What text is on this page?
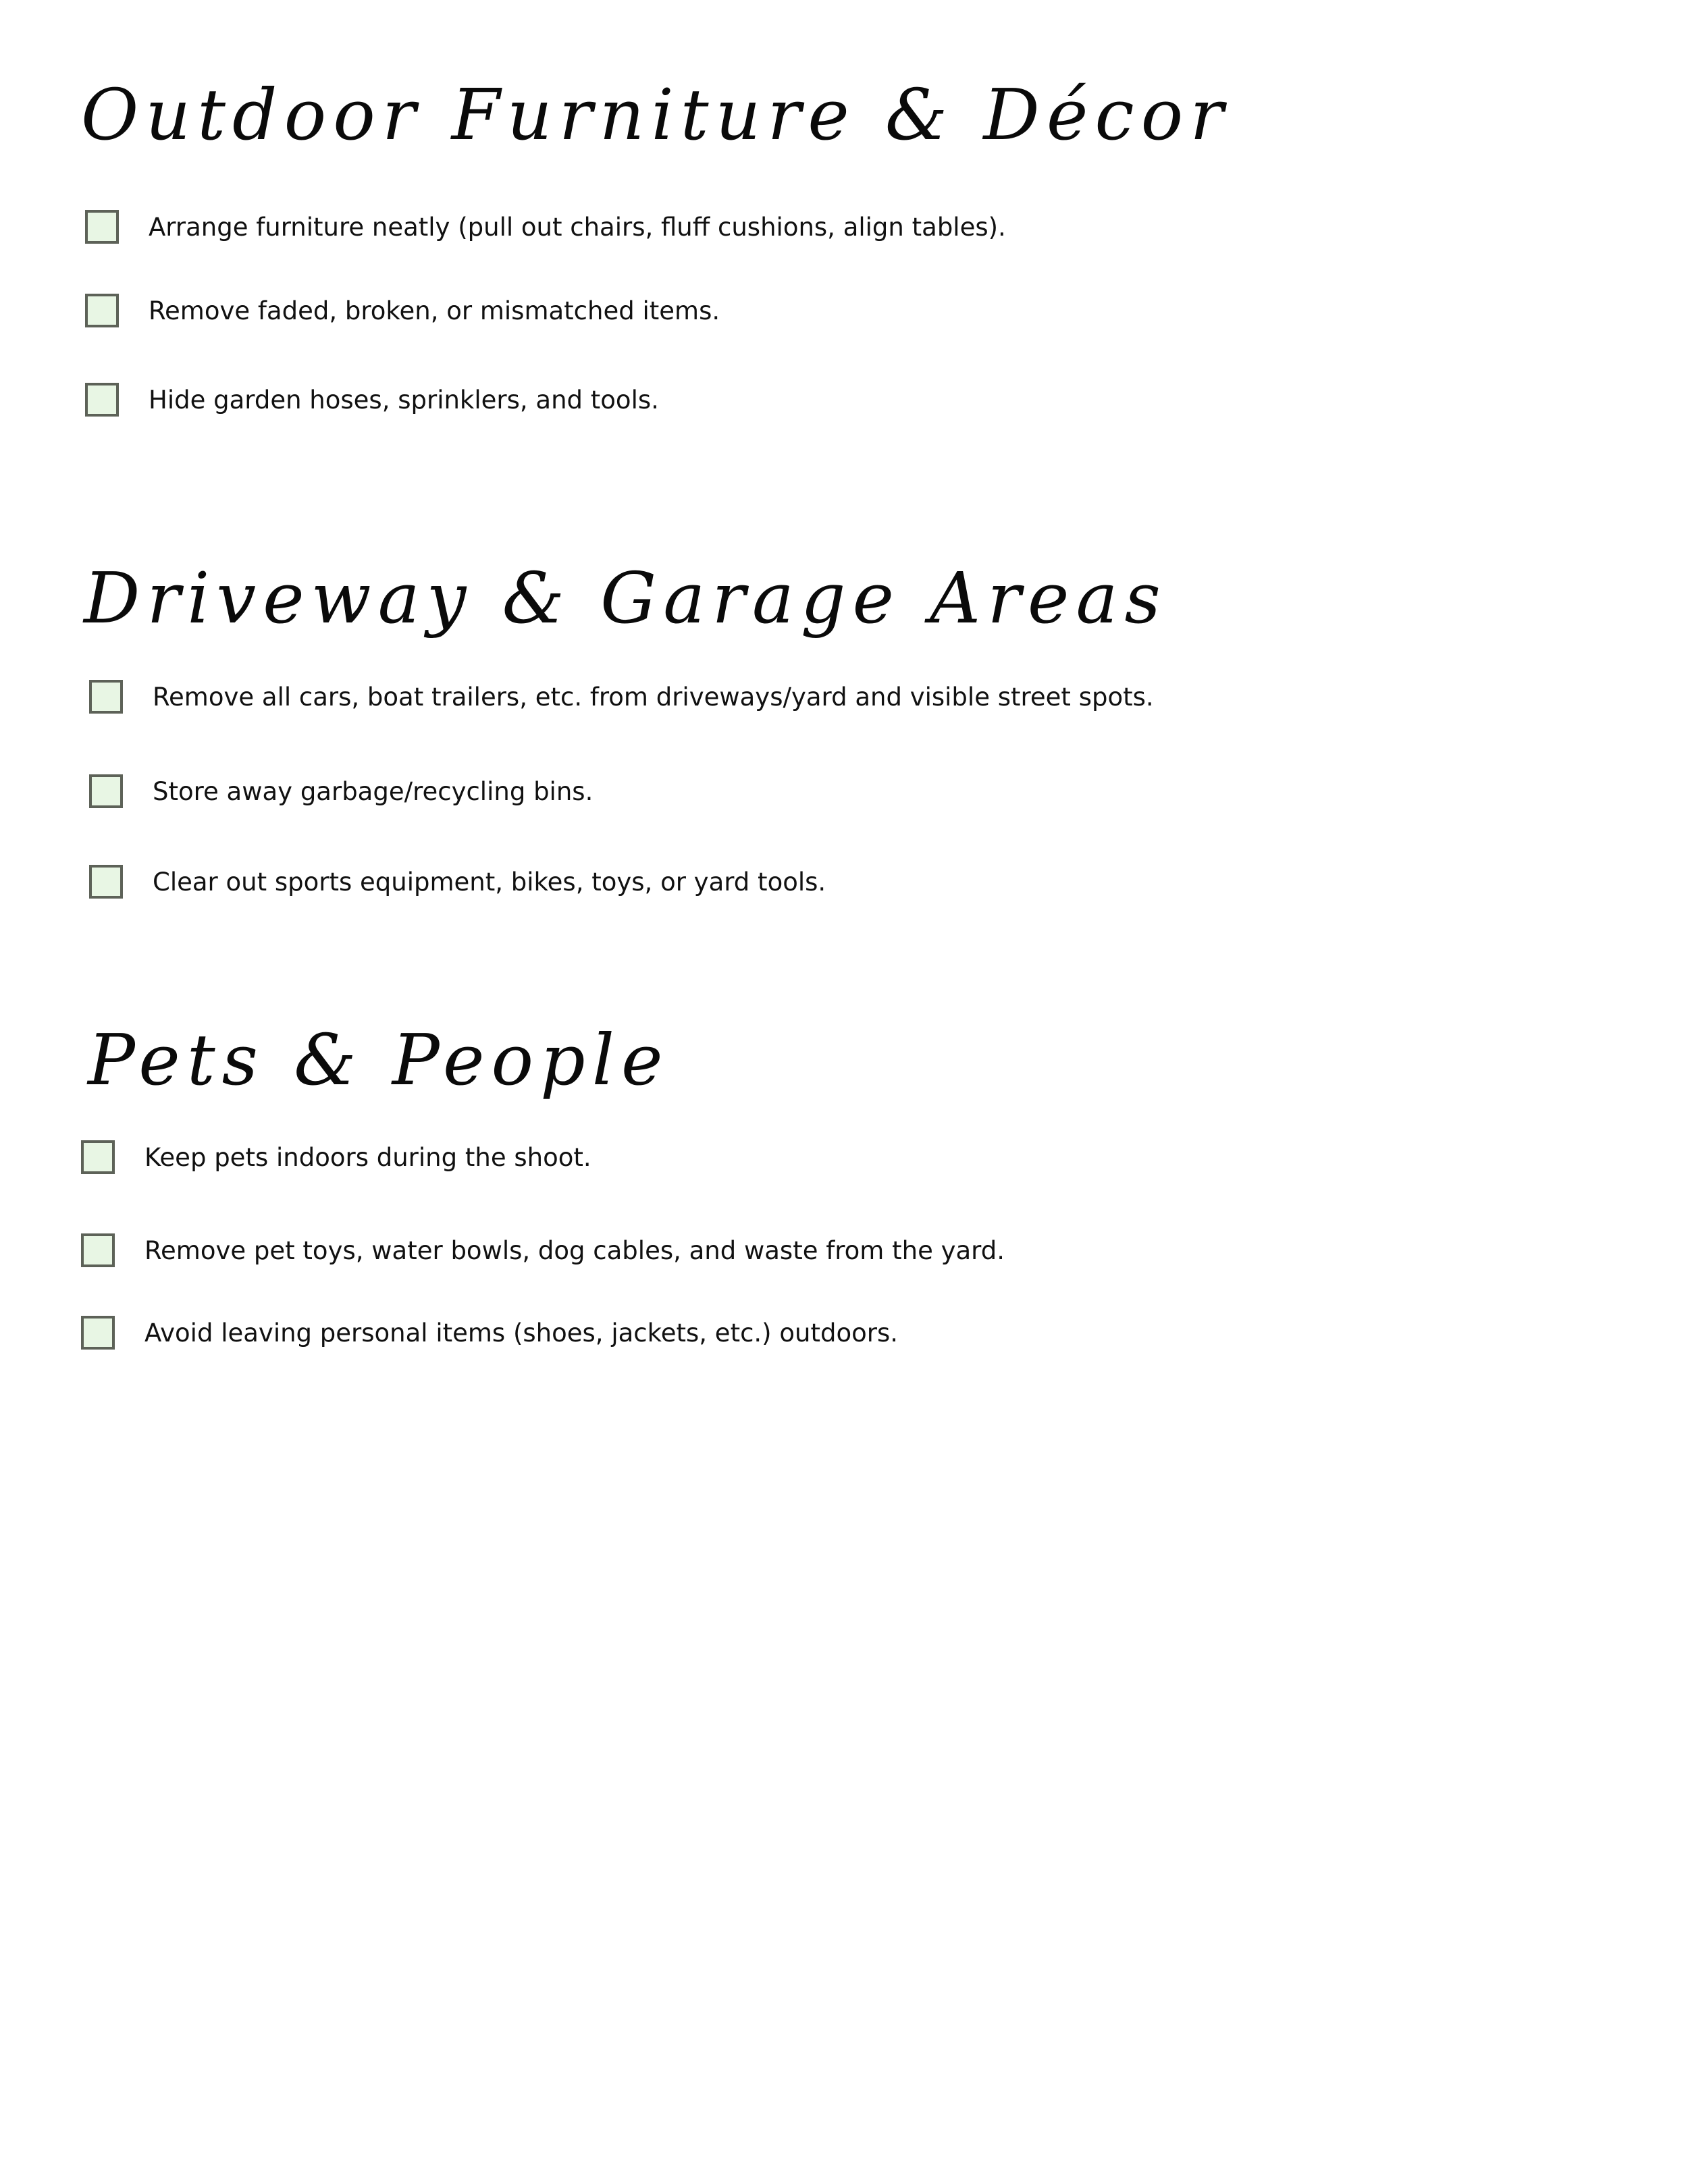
Outdoor Furniture & Décor
Arrange furniture neatly (pull out chairs, fluff cushions, align tables).
Remove faded, broken, or mismatched items.
Hide garden hoses, sprinklers, and tools.
Driveway & Garage Areas
Remove all cars, boat trailers, etc. from driveways/yard and visible street spots.
Store away garbage/recycling bins.
Clear out sports equipment, bikes, toys, or yard tools.
Pets & People
Keep pets indoors during the shoot.
Remove pet toys, water bowls, dog cables, and waste from the yard.
Avoid leaving personal items (shoes, jackets, etc.) outdoors.
